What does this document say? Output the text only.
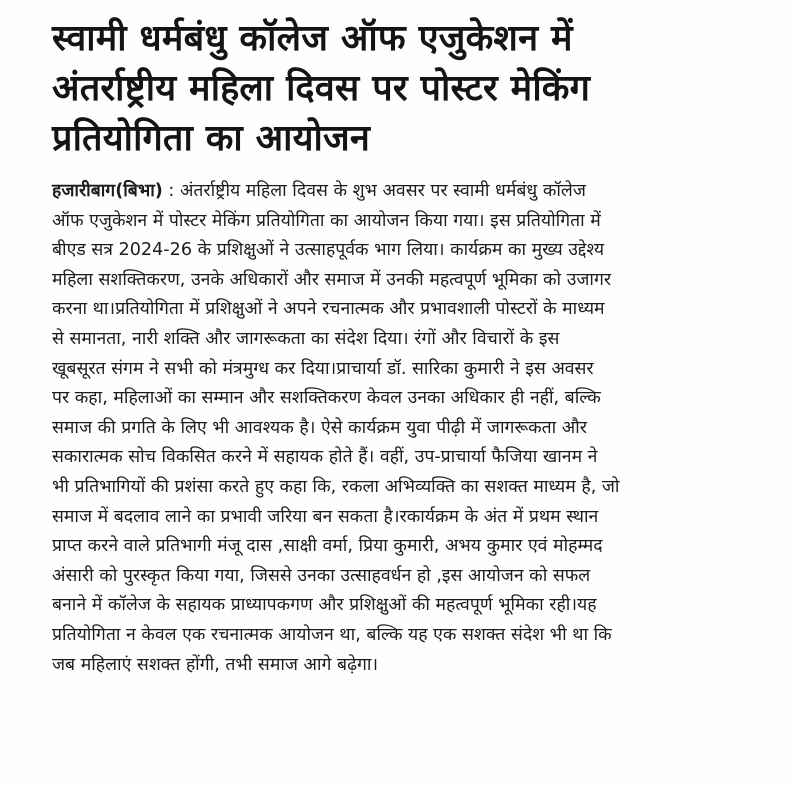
स्वामी धर्मबंधु कॉलेज ऑफ एजुकेशन में
अंतर्राष्ट्रीय महिला दिवस पर पोस्टर मेकिंग
प्रतियोगिता का आयोजन
हजारीबाग(बिभा) : अंतर्राष्ट्रीय महिला दिवस के शुभ अवसर पर स्वामी धर्मबंधु कॉलेज
ऑफ एजुकेशन में पोस्टर मेकिंग प्रतियोगिता का आयोजन किया गया। इस प्रतियोगिता में
बीएड सत्र 2024-26 के प्रशिक्षुओं ने उत्साहपूर्वक भाग लिया। कार्यक्रम का मुख्य उद्देश्य
महिला सशक्तिकरण, उनके अधिकारों और समाज में उनकी महत्वपूर्ण भूमिका को उजागर
करना था।प्रतियोगिता में प्रशिक्षुओं ने अपने रचनात्मक और प्रभावशाली पोस्टरों के माध्यम
से समानता, नारी शक्ति और जागरूकता का संदेश दिया। रंगों और विचारों के इस
खूबसूरत संगम ने सभी को मंत्रमुग्ध कर दिया।प्राचार्या डॉ. सारिका कुमारी ने इस अवसर
पर कहा, महिलाओं का सम्मान और सशक्तिकरण केवल उनका अधिकार ही नहीं, बल्कि
समाज की प्रगति के लिए भी आवश्यक है। ऐसे कार्यक्रम युवा पीढ़ी में जागरूकता और
सकारात्मक सोच विकसित करने में सहायक होते हैं। वहीं, उप-प्राचार्या फैजिया खानम ने
भी प्रतिभागियों की प्रशंसा करते हुए कहा कि, रकला अभिव्यक्ति का सशक्त माध्यम है, जो
समाज में बदलाव लाने का प्रभावी जरिया बन सकता है।रकार्यक्रम के अंत में प्रथम स्थान
प्राप्त करने वाले प्रतिभागी मंजू दास ,साक्षी वर्मा, प्रिया कुमारी, अभय कुमार एवं मोहम्मद
अंसारी को पुरस्कृत किया गया, जिससे उनका उत्साहवर्धन हो ,इस आयोजन को सफल
बनाने में कॉलेज के सहायक प्राध्यापकगण और प्रशिक्षुओं की महत्वपूर्ण भूमिका रही।यह
प्रतियोगिता न केवल एक रचनात्मक आयोजन था, बल्कि यह एक सशक्त संदेश भी था कि
जब महिलाएं सशक्त होंगी, तभी समाज आगे बढ़ेगा।
